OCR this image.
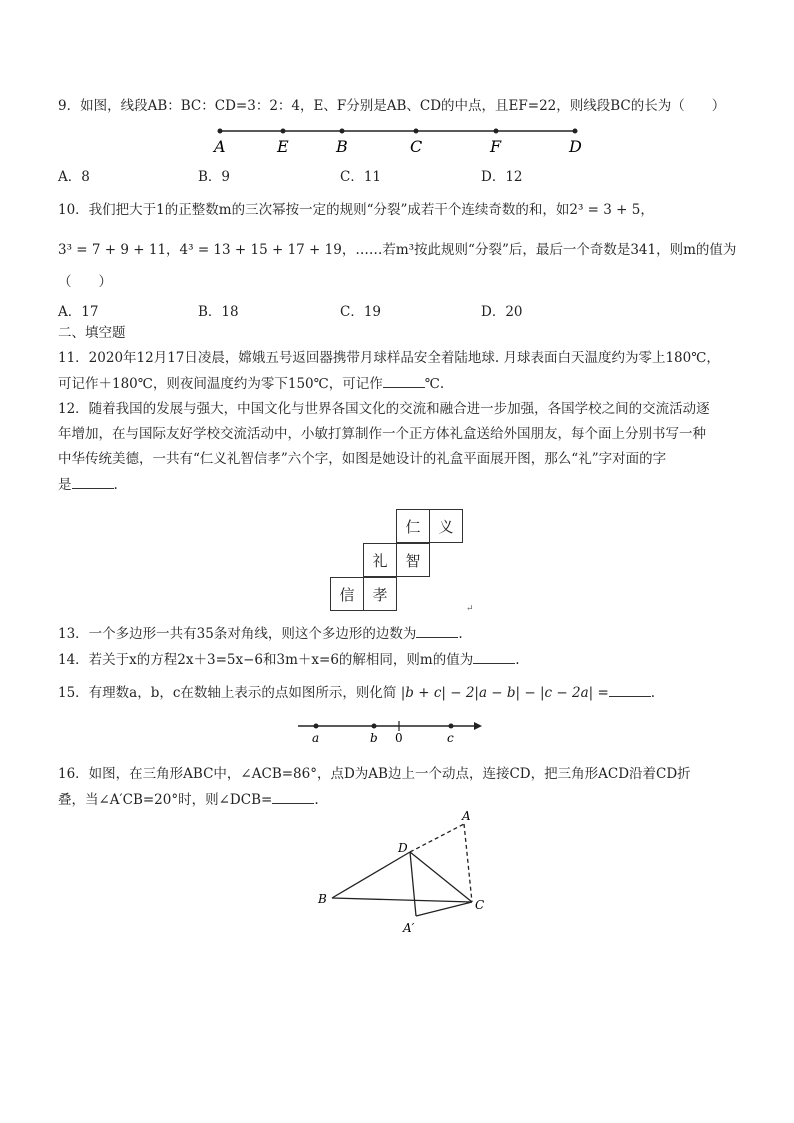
9．如图，线段AB：BC：CD=3：2：4，E、F分别是AB、CD的中点，且EF=22，则线段BC的长为（　　）
A	E	B	C	F	D
A．8	B．9	C．11	D．12
10．我们把大于1的正整数m的三次幂按一定的规则“分裂”成若干个连续奇数的和，如2³ = 3 + 5，
3³ = 7 + 9 + 11，4³ = 13 + 15 + 17 + 19，……若m³按此规则“分裂”后，最后一个奇数是341，则m的值为
（　　）
A．17	B．18	C．19	D．20
二、填空题
11．2020年12月17日凌晨，嫦娥五号返回器携带月球样品安全着陆地球. 月球表面白天温度约为零上180℃，
可记作＋180℃，则夜间温度约为零下150℃，可记作	℃.
12．随着我国的发展与强大，中国文化与世界各国文化的交流和融合进一步加强，各国学校之间的交流活动逐
年增加，在与国际友好学校交流活动中，小敏打算制作一个正方体礼盒送给外国朋友，每个面上分别书写一种
中华传统美德，一共有“仁义礼智信孝”六个字，如图是她设计的礼盒平面展开图，那么“礼”字对面的字
是	.
仁	义
礼	智
信	孝
↵
13．一个多边形一共有35条对角线，则这个多边形的边数为	.
14．若关于x的方程2x＋3=5x−6和3m＋x=6的解相同，则m的值为	.
15．有理数a，b，c在数轴上表示的点如图所示，则化简 |b + c| − 2|a − b| − |c − 2a| =	.
a	b 0	c
16．如图，在三角形ABC中，∠ACB=86°，点D为AB边上一个动点，连接CD，把三角形ACD沿着CD折
叠，当∠A′CB=20°时，则∠DCB=	.
A
D
B	C
A′
